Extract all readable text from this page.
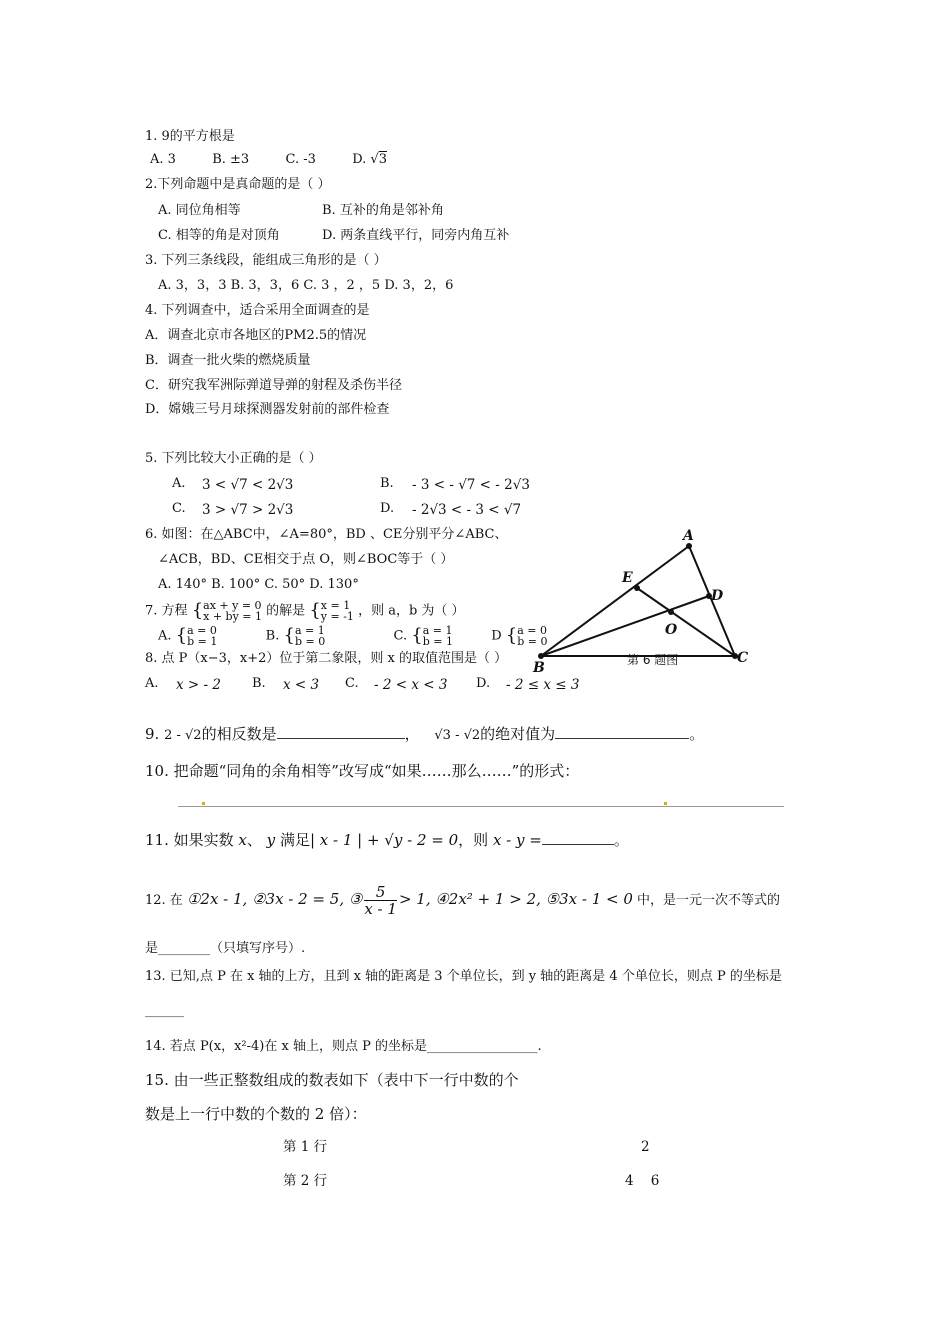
1. 9的平方根是
A. 3	B. ±3	C. -3	D. √3
2.下列命题中是真命题的是（ ）
A. 同位角相等	B. 互补的角是邻补角
C. 相等的角是对顶角	D. 两条直线平行，同旁内角互补
3. 下列三条线段，能组成三角形的是（ ）
A. 3，3，3 B. 3，3，6 C. 3 ，2 ，5 D. 3，2，6
4. 下列调查中，适合采用全面调查的是
A．调查北京市各地区的PM2.5的情况
B．调查一批火柴的燃烧质量
C．研究我军洲际弹道导弹的射程及杀伤半径
D．嫦娥三号月球探测器发射前的部件检查
5. 下列比较大小正确的是（ ）
A. 3 < √7 < 2√3	B. - 3 < - √7 < - 2√3
C. 3 > √7 > 2√3	D. - 2√3 < - 3 < √7
6. 如图：在△ABC中，∠A=80°，BD 、CE分别平分∠ABC、
∠ACB，BD、CE相交于点 O，则∠BOC等于（ ）
A. 140° B. 100° C. 50° D. 130°
7. 方程 {ax + y = 0
x + by = 1 的解是 {x = 1
y = -1 ，则 a，b 为（ ）
A. {a = 0
b = 1	B. {a = 1
b = 0	C. {a = 1
b = 1	D {a = 0
b = 0
8. 点 P（x−3，x+2）位于第二象限，则 x 的取值范围是（ ）
A. x > - 2 B. x < 3 C. - 2 < x < 3 D. - 2 ≤ x ≤ 3
A
B
C
D
E
O
第 6 题图
9. 2 - √2的相反数是	， √3 - √2的绝对值为	。
10. 把命题“同角的余角相等”改写成“如果……那么……”的形式：
11. 如果实数 x、 y 满足| x - 1 | + √y - 2 = 0，则 x - y =	。
12. 在 ①2x - 1, ②3x - 2 = 5, ③ $\frac{5}{x - 1} > 1$, ④2x² + 1 > 2, ⑤3x - 1 < 0 中，是一元一次不等式的
是________（只填写序号）.
13. 已知,点 P 在 x 轴的上方，且到 x 轴的距离是 3 个单位长，到 y 轴的距离是 4 个单位长，则点 P 的坐标是
______
14. 若点 P(x，x²-4)在 x 轴上，则点 P 的坐标是_________________.
15. 由一些正整数组成的数表如下（表中下一行中数的个
数是上一行中数的个数的 2 倍）：
第 1 行	2
第 2 行	4    6
